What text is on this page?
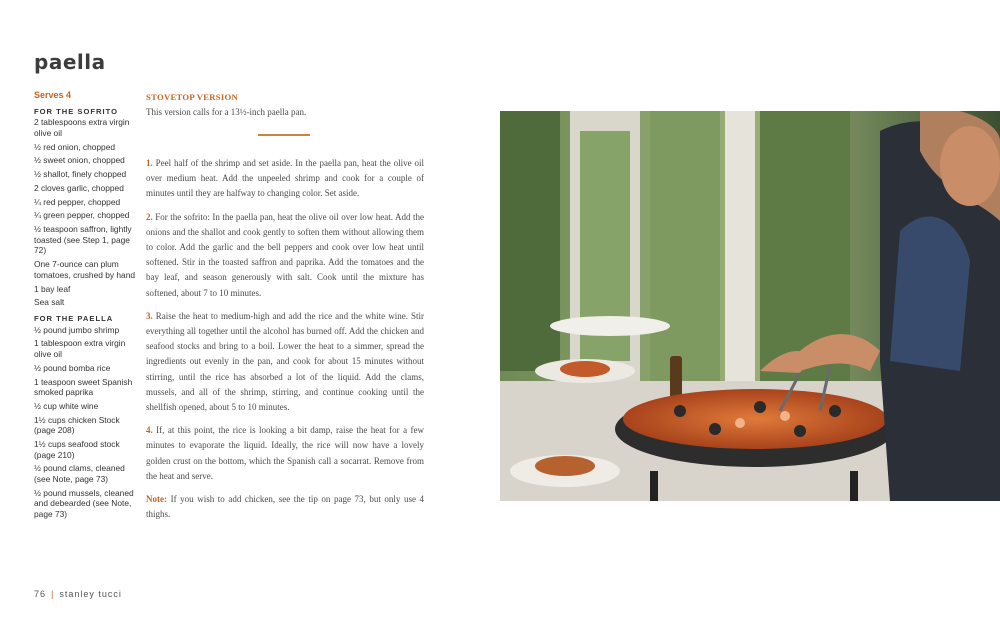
paella
Serves 4
FOR THE SOFRITO
2 tablespoons extra virgin olive oil
½ red onion, chopped
½ sweet onion, chopped
½ shallot, finely chopped
2 cloves garlic, chopped
¼ red pepper, chopped
¼ green pepper, chopped
½ teaspoon saffron, lightly toasted (see Step 1, page 72)
One 7-ounce can plum tomatoes, crushed by hand
1 bay leaf
Sea salt
FOR THE PAELLA
½ pound jumbo shrimp
1 tablespoon extra virgin olive oil
½ pound bomba rice
1 teaspoon sweet Spanish smoked paprika
½ cup white wine
1½ cups chicken Stock (page 208)
1½ cups seafood stock (page 210)
½ pound clams, cleaned (see Note, page 73)
½ pound mussels, cleaned and debearded (see Note, page 73)
STOVETOP VERSION

This version calls for a 13½-inch paella pan.

1. Peel half of the shrimp and set aside. In the paella pan, heat the olive oil over medium heat. Add the unpeeled shrimp and cook for a couple of minutes until they are halfway to changing color. Set aside.

2. For the sofrito: In the paella pan, heat the olive oil over low heat. Add the onions and the shallot and cook gently to soften them without allowing them to color. Add the garlic and the bell peppers and cook over low heat until softened. Stir in the toasted saffron and paprika. Add the tomatoes and the bay leaf, and season generously with salt. Cook until the mixture has softened, about 7 to 10 minutes.

3. Raise the heat to medium-high and add the rice and the white wine. Stir everything all together until the alcohol has burned off. Add the chicken and seafood stocks and bring to a boil. Lower the heat to a simmer, spread the ingredients out evenly in the pan, and cook for about 15 minutes without stirring, until the rice has absorbed a lot of the liquid. Add the clams, mussels, and all of the shrimp, stirring, and continue cooking until the shellfish opened, about 5 to 10 minutes.

4. If, at this point, the rice is looking a bit damp, raise the heat for a few minutes to evaporate the liquid. Ideally, the rice will now have a lovely golden crust on the bottom, which the Spanish call a socarrat. Remove from the heat and serve.

Note: If you wish to add chicken, see the tip on page 73, but only use 4 thighs.

76 | stanley tucci
